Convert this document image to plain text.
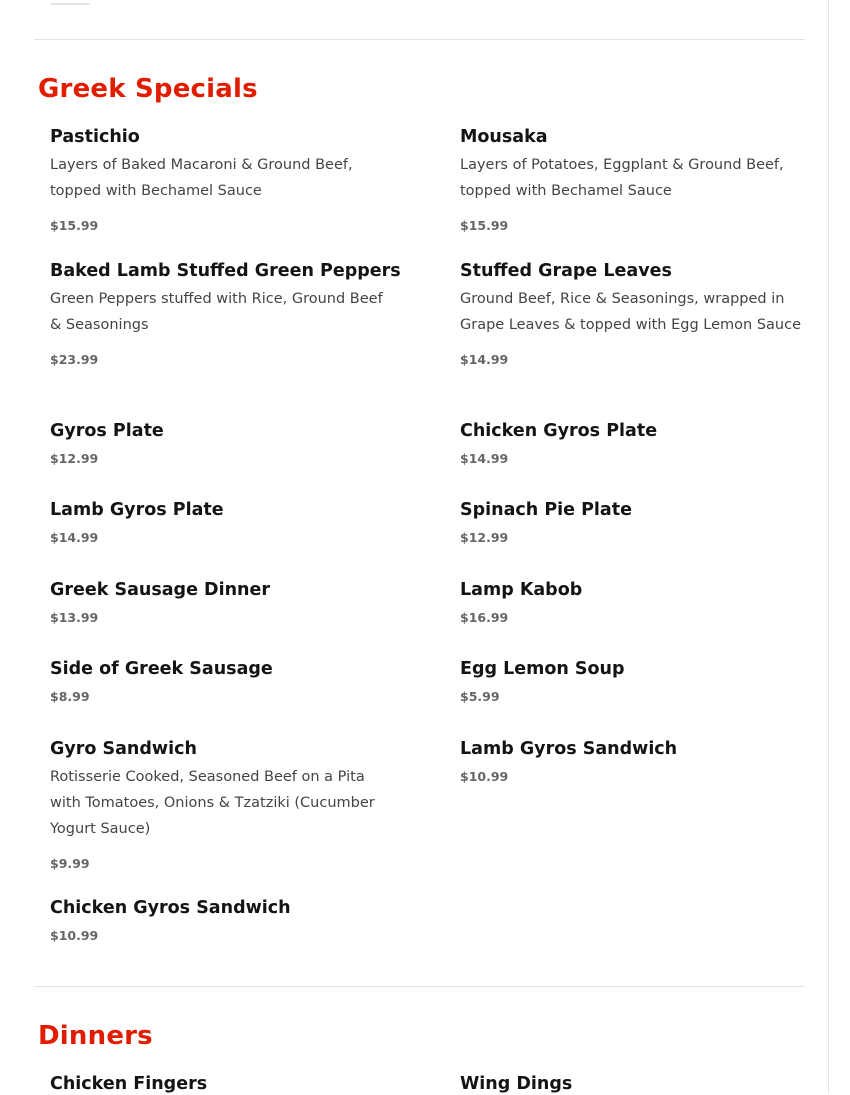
Greek Specials
Pastichio
Layers of Baked Macaroni & Ground Beef, topped with Bechamel Sauce
$15.99
Mousaka
Layers of Potatoes, Eggplant & Ground Beef, topped with Bechamel Sauce
$15.99
Baked Lamb Stuffed Green Peppers
Green Peppers stuffed with Rice, Ground Beef & Seasonings
$23.99
Stuffed Grape Leaves
Ground Beef, Rice & Seasonings, wrapped in Grape Leaves & topped with Egg Lemon Sauce
$14.99
Gyros Plate
$12.99
Chicken Gyros Plate
$14.99
Lamb Gyros Plate
$14.99
Spinach Pie Plate
$12.99
Greek Sausage Dinner
$13.99
Lamp Kabob
$16.99
Side of Greek Sausage
$8.99
Egg Lemon Soup
$5.99
Gyro Sandwich
Rotisserie Cooked, Seasoned Beef on a Pita with Tomatoes, Onions & Tzatziki (Cucumber Yogurt Sauce)
$9.99
Lamb Gyros Sandwich
$10.99
Chicken Gyros Sandwich
$10.99
Dinners
Chicken Fingers	Wing Dings
